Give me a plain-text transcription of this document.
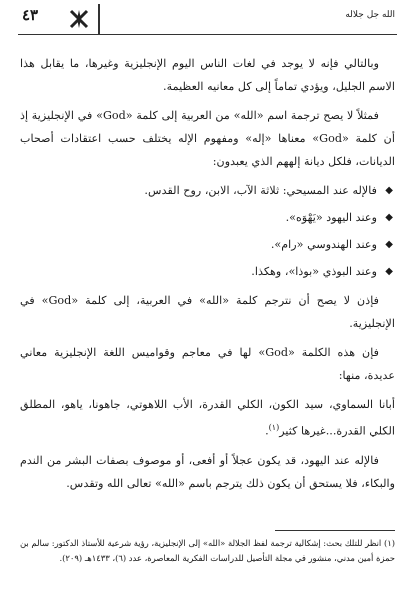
٤٣	الله جل جلاله

وبالتالي فإنه لا يوجد في لغات الناس اليوم الإنجليزية وغيرها، ما يقابل هذا الاسم الجليل، ويؤدي تماماً إلى كل معانيه العظيمة.

فمثلاً لا يصح ترجمة اسم «الله» من العربية إلى كلمة «God» في الإنجليزية إذ أن كلمة «God» معناها «إله» ومفهوم الإله يختلف حسب اعتقادات أصحاب الديانات، فلكل ديانة إلههم الذي يعبدون:

◆
فالإله عند المسيحي: ثلاثة الآب، الابن، روح القدس.
◆
وعند اليهود «يَهْوَه».
◆
وعند الهندوسي «رام».
◆
وعند البوذي «بوذا»، وهكذا.

فإذن لا يصح أن نترجم كلمة «الله» في العربية، إلى كلمة «God» في الإنجليزية.

فإن هذه الكلمة «God» لها في معاجم وقواميس اللغة الإنجليزية معاني عديدة، منها:

أبانا السماوي، سيد الكون، الكلي القدرة، الأب اللاهوتي، جاهونا، ياهو، المطلق الكلي القدرة...غيرها كثير$^{(١)}$.

فالإله عند اليهود، قد يكون عجلاً أو أفعى، أو موصوف بصفات البشر من الندم والبكاء، فلا يستحق أن يكون ذلك يترجم باسم «الله» تعالى الله وتقدس.

(١) انظر للتلك بحث: إشكالية ترجمة لفظ الجلالة «الله» إلى الإنجليزية، رؤية شرعية للأستاذ الدكتور: سالم بن حمزة أمين مدني، منشور في مجلة التأصيل للدراسات الفكرية المعاصرة، عدد (٦)، ١٤٣٣هـ (٢٠٩).
